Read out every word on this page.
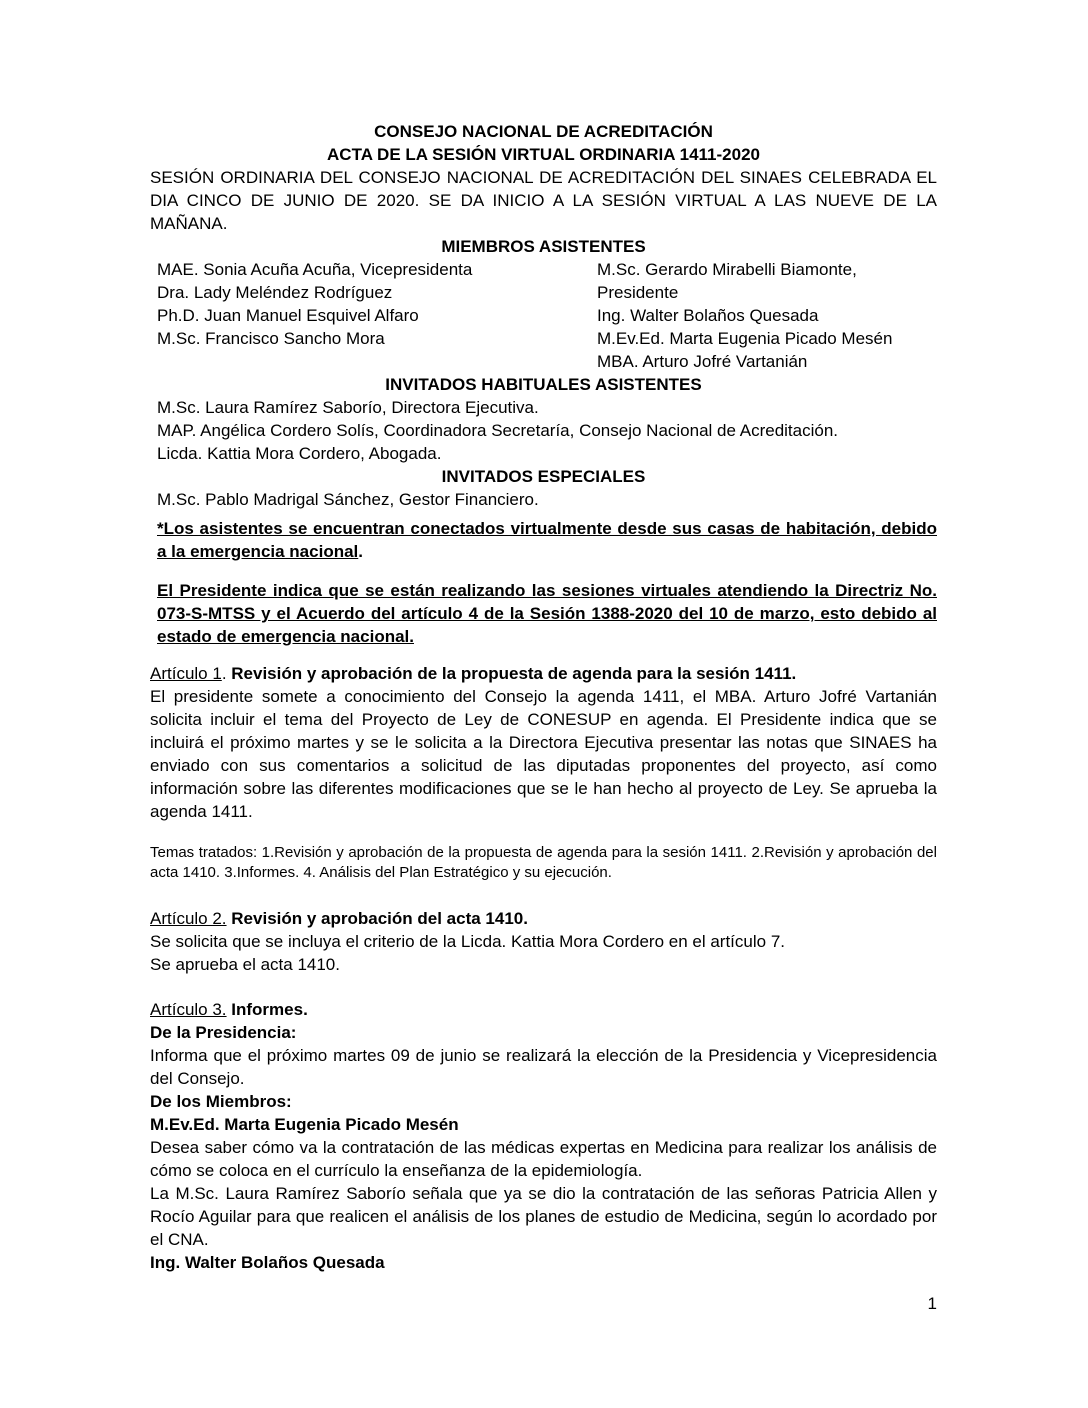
CONSEJO NACIONAL DE ACREDITACIÓN
ACTA DE LA SESIÓN VIRTUAL ORDINARIA 1411-2020

SESIÓN ORDINARIA DEL CONSEJO NACIONAL DE ACREDITACIÓN DEL SINAES CELEBRADA EL DIA CINCO DE JUNIO DE 2020. SE DA INICIO A LA SESIÓN VIRTUAL A LAS NUEVE DE LA MAÑANA.

MIEMBROS ASISTENTES
MAE. Sonia Acuña Acuña, Vicepresidenta
Dra. Lady Meléndez Rodríguez
Ph.D. Juan Manuel Esquivel Alfaro
M.Sc. Francisco Sancho Mora
M.Sc. Gerardo Mirabelli Biamonte, Presidente
Ing. Walter Bolaños Quesada
M.Ev.Ed. Marta Eugenia Picado Mesén
MBA. Arturo Jofré Vartanián
INVITADOS HABITUALES ASISTENTES
M.Sc. Laura Ramírez Saborío, Directora Ejecutiva.
MAP. Angélica Cordero Solís, Coordinadora Secretaría, Consejo Nacional de Acreditación.
Licda. Kattia Mora Cordero, Abogada.
INVITADOS ESPECIALES
M.Sc. Pablo Madrigal Sánchez, Gestor Financiero.

*Los asistentes se encuentran conectados virtualmente desde sus casas de habitación, debido a la emergencia nacional.

El Presidente indica que se están realizando las sesiones virtuales atendiendo la Directriz No. 073-S-MTSS y el Acuerdo del artículo 4 de la Sesión 1388-2020 del 10 de marzo, esto debido al estado de emergencia nacional.

Artículo 1. Revisión y aprobación de la propuesta de agenda para la sesión 1411.

El presidente somete a conocimiento del Consejo la agenda 1411, el MBA. Arturo Jofré Vartanián solicita incluir el tema del Proyecto de Ley de CONESUP en agenda. El Presidente indica que se incluirá el próximo martes y se le solicita a la Directora Ejecutiva presentar las notas que SINAES ha enviado con sus comentarios a solicitud de las diputadas proponentes del proyecto, así como información sobre las diferentes modificaciones que se le han hecho al proyecto de Ley. Se aprueba la agenda 1411.

Temas tratados: 1.Revisión y aprobación de la propuesta de agenda para la sesión 1411. 2.Revisión y aprobación del acta 1410. 3.Informes. 4. Análisis del Plan Estratégico y su ejecución.

Artículo 2. Revisión y aprobación del acta 1410.

Se solicita que se incluya el criterio de la Licda. Kattia Mora Cordero en el artículo 7.
Se aprueba el acta 1410.

Artículo 3. Informes.

De la Presidencia:

Informa que el próximo martes 09 de junio se realizará la elección de la Presidencia y Vicepresidencia del Consejo.

De los Miembros:
M.Ev.Ed. Marta Eugenia Picado Mesén

Desea saber cómo va la contratación de las médicas expertas en Medicina para realizar los análisis de cómo se coloca en el currículo la enseñanza de la epidemiología.

La M.Sc. Laura Ramírez Saborío señala que ya se dio la contratación de las señoras Patricia Allen y Rocío Aguilar para que realicen el análisis de los planes de estudio de Medicina, según lo acordado por el CNA.

Ing. Walter Bolaños Quesada
1
